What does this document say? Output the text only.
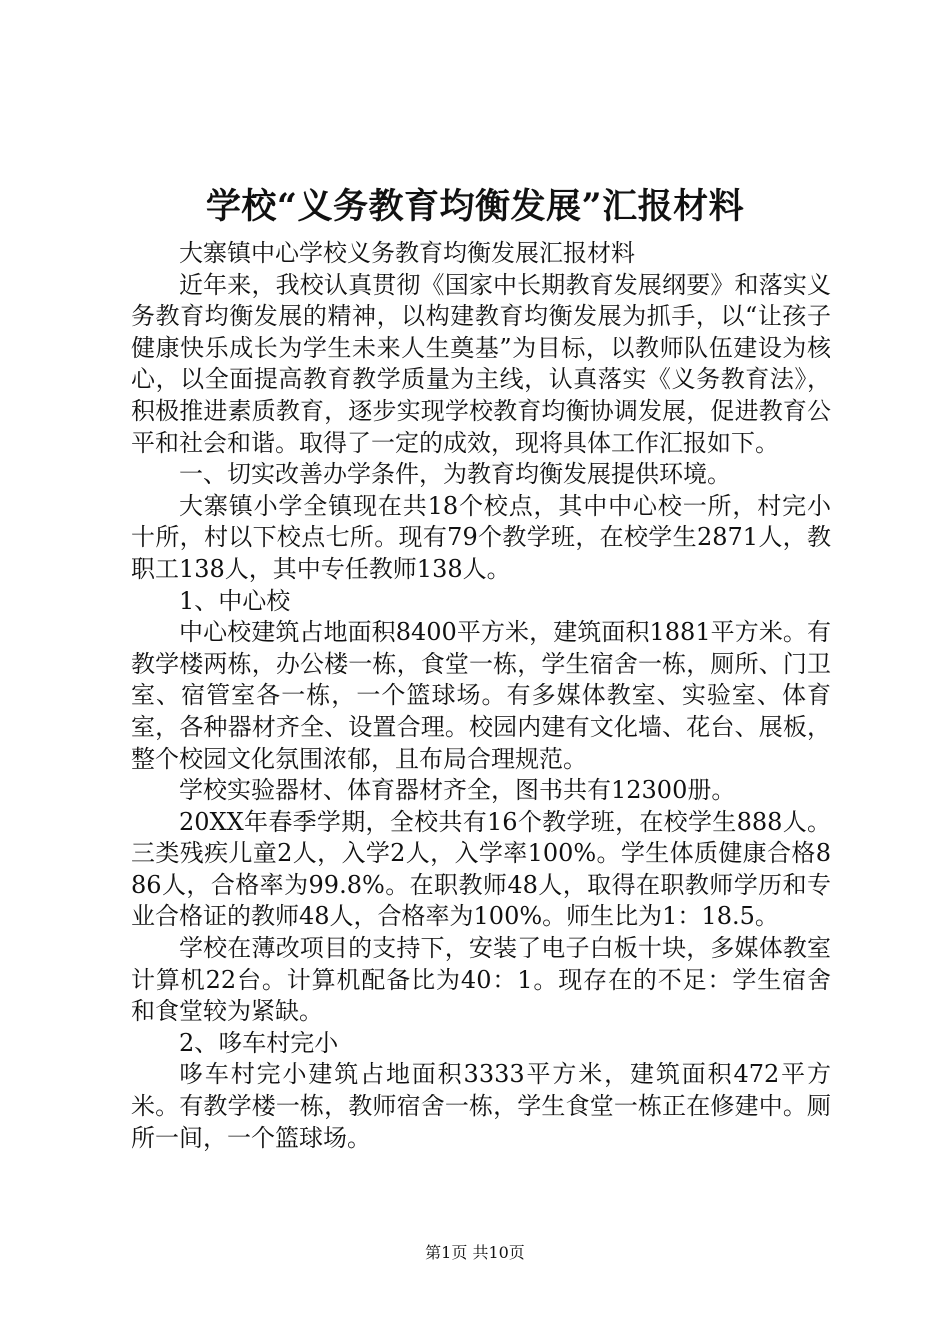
学校“义务教育均衡发展”汇报材料

大寨镇中心学校义务教育均衡发展汇报材料

近年来，我校认真贯彻《国家中长期教育发展纲要》和落实义务教育均衡发展的精神，以构建教育均衡发展为抓手，以“让孩子健康快乐成长为学生未来人生奠基”为目标，以教师队伍建设为核心，以全面提高教育教学质量为主线，认真落实《义务教育法》，积极推进素质教育，逐步实现学校教育均衡协调发展，促进教育公平和社会和谐。取得了一定的成效，现将具体工作汇报如下。

一、切实改善办学条件，为教育均衡发展提供环境。

大寨镇小学全镇现在共18个校点，其中中心校一所，村完小十所，村以下校点七所。现有79个教学班，在校学生2871人，教职工138人，其中专任教师138人。

1、中心校

中心校建筑占地面积8400平方米，建筑面积1881平方米。有教学楼两栋，办公楼一栋，食堂一栋，学生宿舍一栋，厕所、门卫室、宿管室各一栋，一个篮球场。有多媒体教室、实验室、体育室，各种器材齐全、设置合理。校园内建有文化墙、花台、展板，整个校园文化氛围浓郁，且布局合理规范。

学校实验器材、体育器材齐全，图书共有12300册。

20XX年春季学期，全校共有16个教学班，在校学生888人。三类残疾儿童2人，入学2人，入学率100%。学生体质健康合格886人，合格率为99.8%。在职教师48人，取得在职教师学历和专业合格证的教师48人，合格率为100%。师生比为1：18.5。

学校在薄改项目的支持下，安装了电子白板十块，多媒体教室计算机22台。计算机配备比为40：1。现存在的不足：学生宿舍和食堂较为紧缺。

2、哆车村完小

哆车村完小建筑占地面积3333平方米，建筑面积472平方米。有教学楼一栋，教师宿舍一栋，学生食堂一栋正在修建中。厕所一间，一个篮球场。

第1页 共10页
